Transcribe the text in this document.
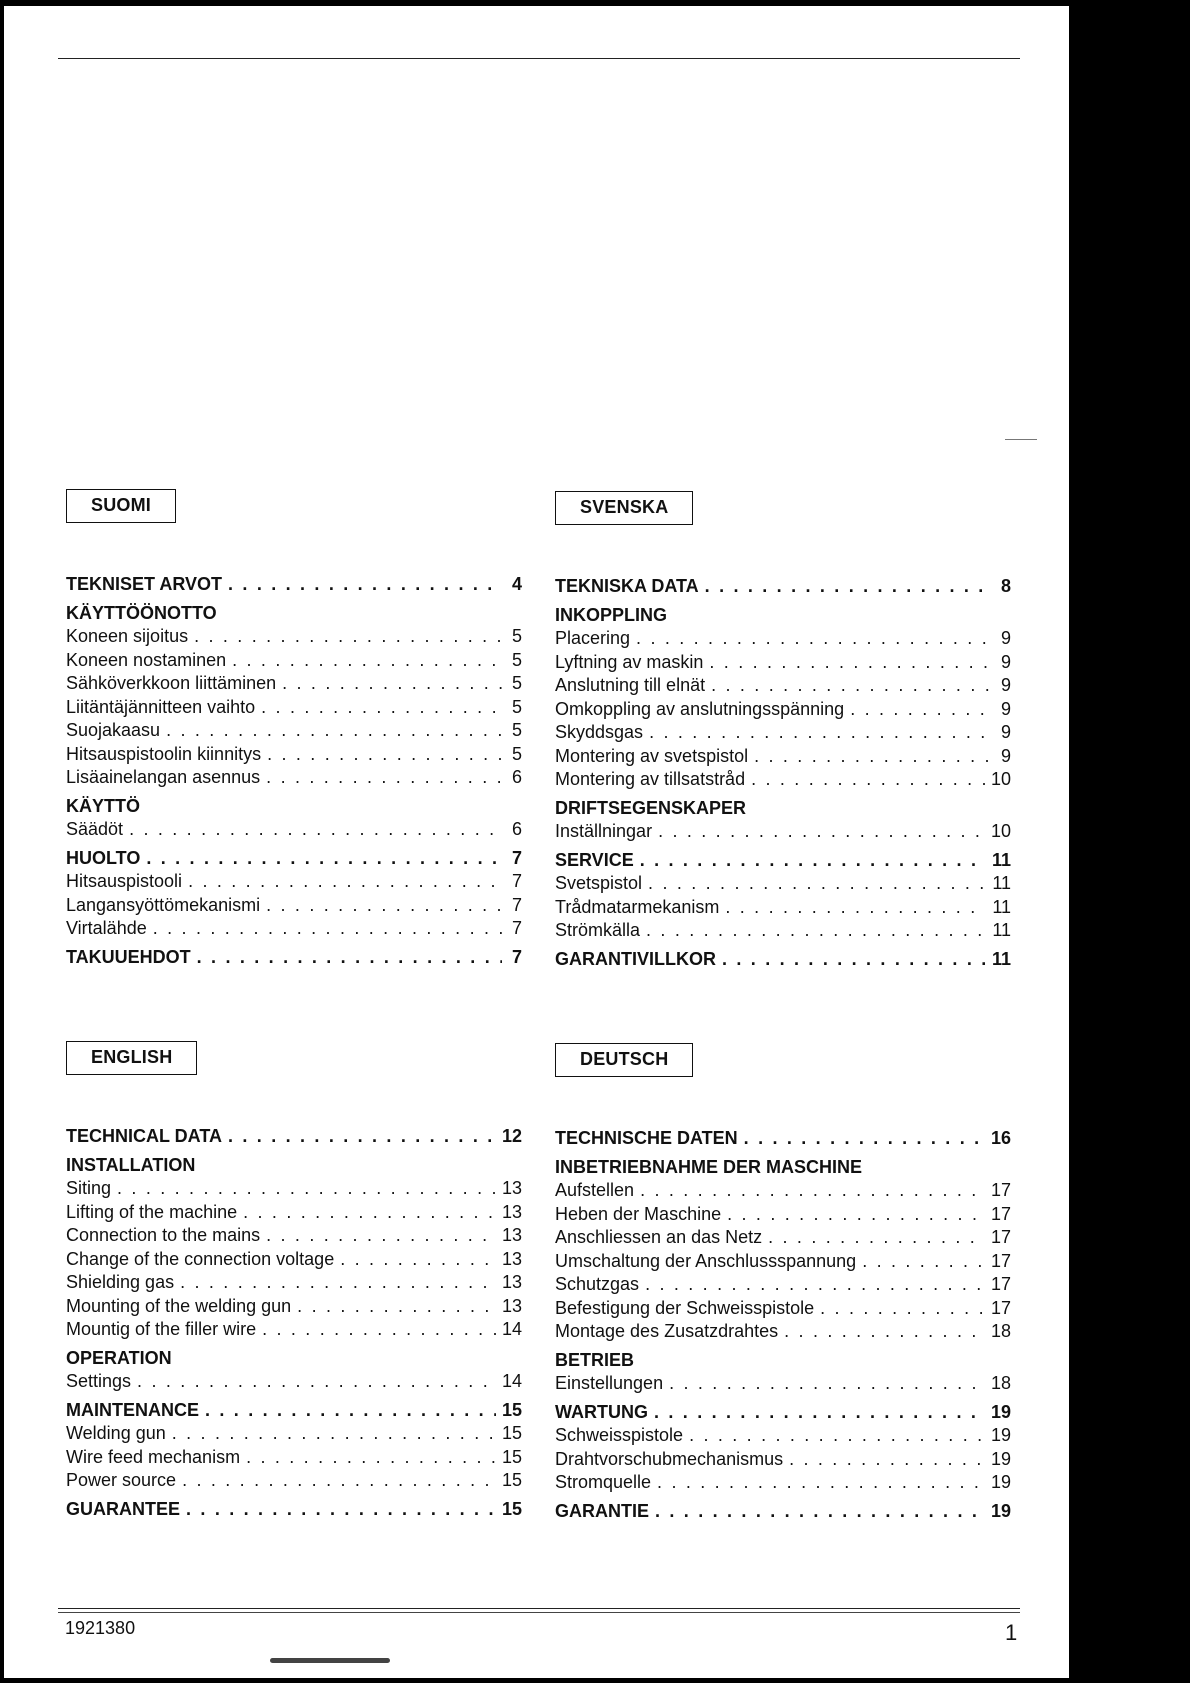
SUOMI
TEKNISET ARVOT . . .	4
KÄYTTÖÖNOTTO
Koneen sijoitus . . .	5
Koneen nostaminen . . .	5
Sähköverkkoon liittäminen . . .	5
Liitäntäjännitteen vaihto . . .	5
Suojakaasu . . .	5
Hitsauspistoolin kiinnitys . . .	5
Lisäainelangan asennus . . .	6
KÄYTTÖ
Säädöt . . .	6
HUOLTO . . .	7
Hitsauspistooli . . .	7
Langansyöttömekanismi . . .	7
Virtalähde . . .	7
TAKUUEHDOT . . .	7
SVENSKA
TEKNISKA DATA . . .	8
INKOPPLING
Placering . . .	9
Lyftning av maskin . . .	9
Anslutning till elnät . . .	9
Omkoppling av anslutningsspänning . . .	9
Skyddsgas . . .	9
Montering av svetspistol . . .	9
Montering av tillsatstråd . . .	10
DRIFTSEGENSKAPER
Inställningar . . .	10
SERVICE . . .	11
Svetspistol . . .	11
Trådmatarmekanism . . .	11
Strömkälla . . .	11
GARANTIVILLKOR . . .	11
ENGLISH
TECHNICAL DATA . . .	12
INSTALLATION
Siting . . .	13
Lifting of the machine . . .	13
Connection to the mains . . .	13
Change of the connection voltage . . .	13
Shielding gas . . .	13
Mounting of the welding gun . . .	13
Mountig of the filler wire . . .	14
OPERATION
Settings . . .	14
MAINTENANCE . . .	15
Welding gun . . .	15
Wire feed mechanism . . .	15
Power source . . .	15
GUARANTEE . . .	15
DEUTSCH
TECHNISCHE DATEN . . .	16
INBETRIEBNAHME DER MASCHINE
Aufstellen . . .	17
Heben der Maschine . . .	17
Anschliessen an das Netz . . .	17
Umschaltung der Anschlussspannung . . .	17
Schutzgas . . .	17
Befestigung der Schweisspistole . . .	17
Montage des Zusatzdrahtes . . .	18
BETRIEB
Einstellungen . . .	18
WARTUNG . . .	19
Schweisspistole . . .	19
Drahtvorschubmechanismus . . .	19
Stromquelle . . .	19
GARANTIE . . .	19
1921380	1
